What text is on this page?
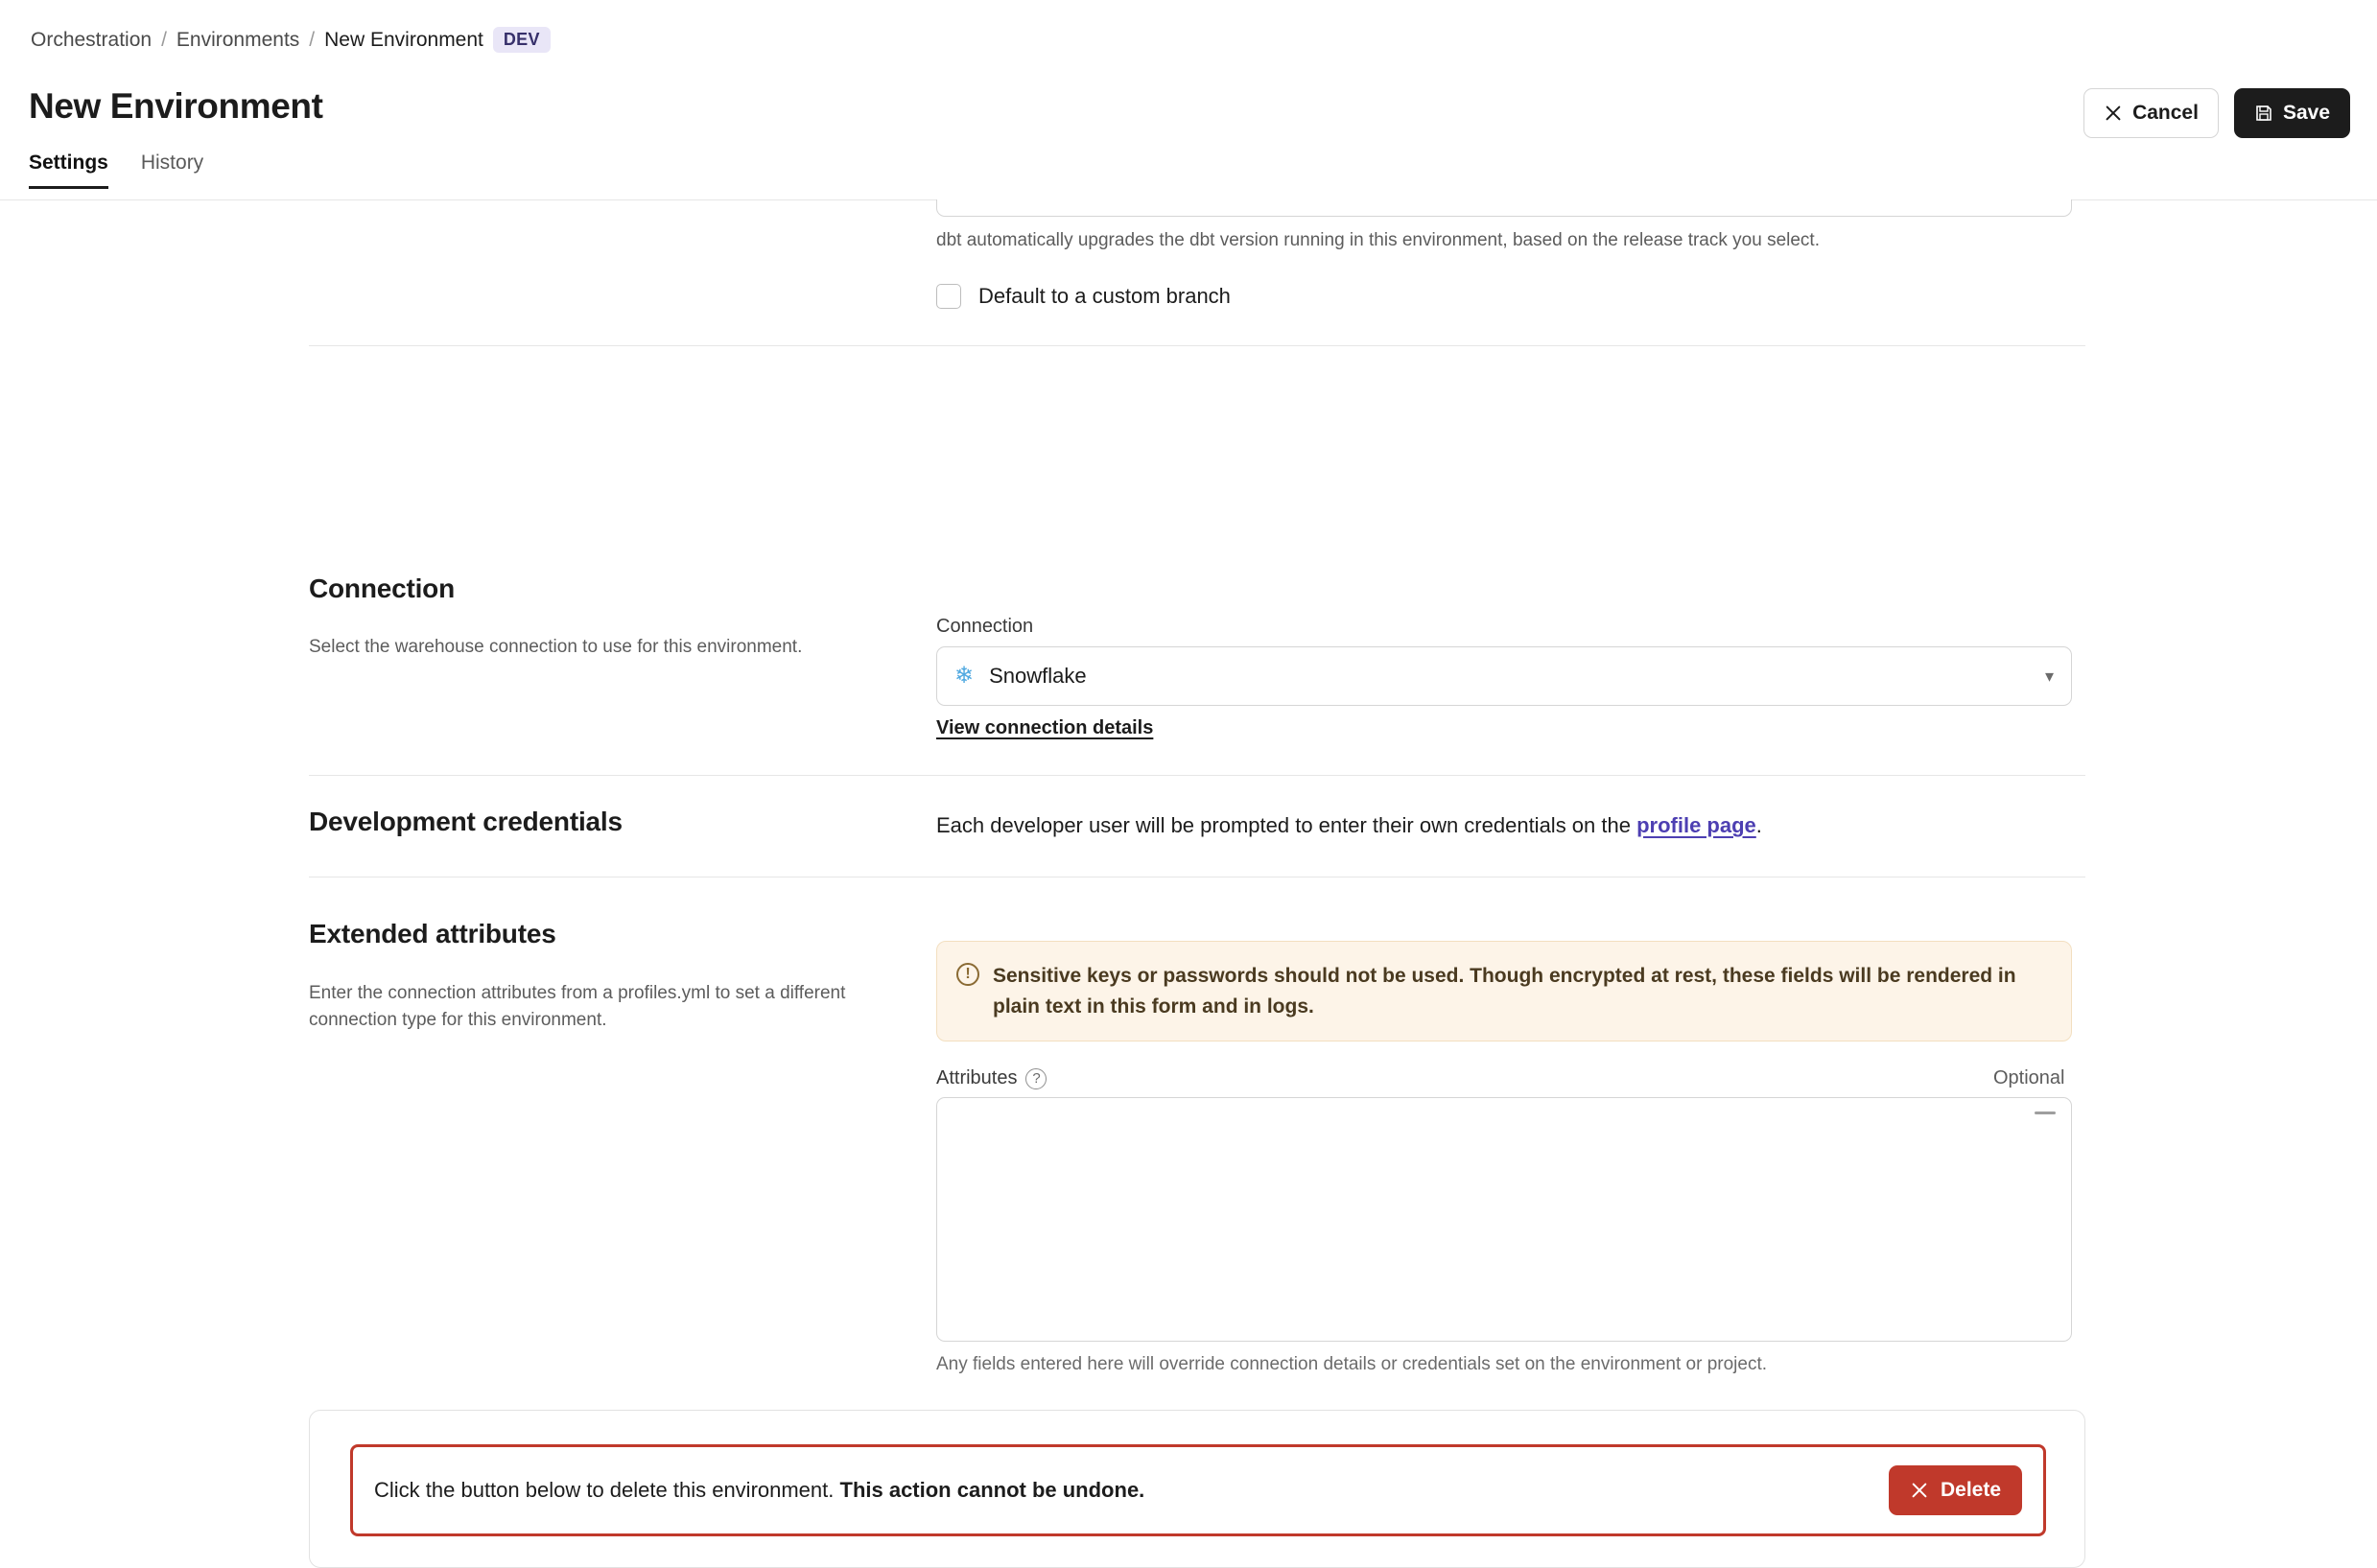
Orchestration / Environments / New Environment	DEV
New Environment	Cancel	Save
Settings History
dbt automatically upgrades the dbt version running in this environment, based on the release track you select.
Default to a custom branch
Connection
Select the warehouse connection to use for this environment.
Connection
❄ Snowflake	▾
View connection details
Development credentials	Each developer user will be prompted to enter their own credentials on the profile page.
Extended attributes
Enter the connection attributes from a profiles.yml to set a different connection type for this environment.
!	Sensitive keys or passwords should not be used. Though encrypted at rest, these fields will be rendered in plain text in this form and in logs.
Attributes	?	Optional
Any fields entered here will override connection details or credentials set on the environment or project.
Click the button below to delete this environment. This action cannot be undone.	Delete
